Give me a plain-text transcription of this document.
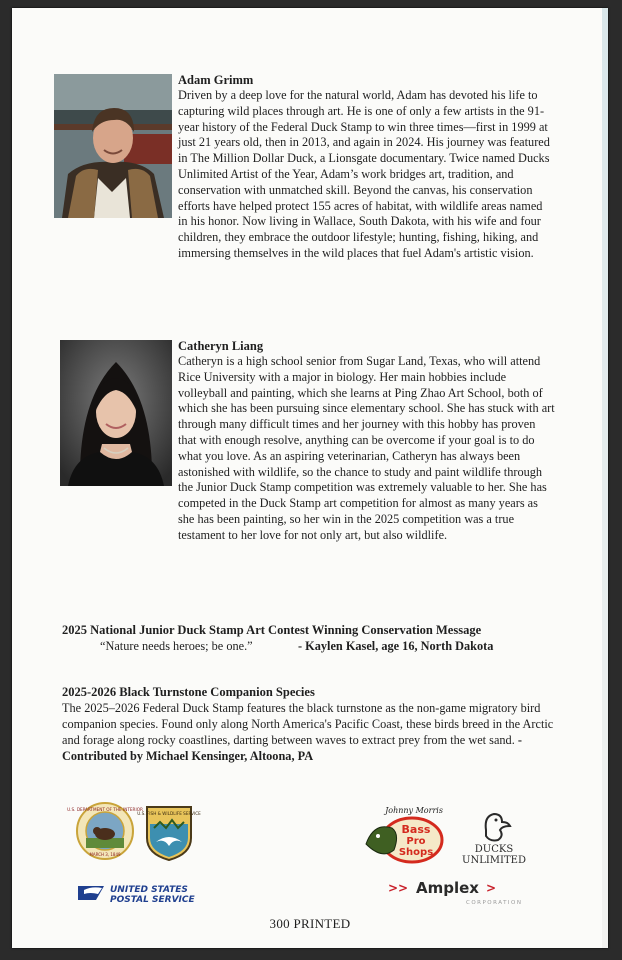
Adam Grimm

Driven by a deep love for the natural world, Adam has devoted his life to capturing wild places through art. He is one of only a few artists in the 91-year history of the Federal Duck Stamp to win three times—first in 1999 at just 21 years old, then in 2013, and again in 2024. His journey was featured in The Million Dollar Duck, a Lionsgate documentary. Twice named Ducks Unlimited Artist of the Year, Adam’s work bridges art, tradition, and conservation with unmatched skill. Beyond the canvas, his conservation efforts have helped protect 155 acres of habitat, with wildlife areas named in his honor. Now living in Wallace, South Dakota, with his wife and four children, they embrace the outdoor lifestyle; hunting, fishing, hiking, and immersing themselves in the wild places that fuel Adam's artistic vision.

Catheryn Liang

Catheryn is a high school senior from Sugar Land, Texas, who will attend Rice University with a major in biology. Her main hobbies include volleyball and painting, which she learns at Ping Zhao Art School, both of which she has been pursuing since elementary school. She has stuck with art through many difficult times and her journey with this hobby has proven that with enough resolve, anything can be overcome if your goal is to do what you love. As an aspiring veterinarian, Catheryn has always been astonished with wildlife, so the chance to study and paint wildlife through the Junior Duck Stamp competition was extremely valuable to her. She has competed in the Duck Stamp art competition for almost as many years as she has been painting, so her win in the 2025 competition was a true testament to her love for not only art, but also wildlife.

2025 National Junior Duck Stamp Art Contest Winning Conservation Message

“Nature needs heroes; be one.”	- Kaylen Kasel, age 16, North Dakota

2025-2026 Black Turnstone Companion Species

The 2025–2026 Federal Duck Stamp features the black turnstone as the non-game migratory bird companion species. Found only along North America's Pacific Coast, these birds breed in the Arctic and forage along rocky coastlines, darting between waves to extract prey from the wet sand. - Contributed by Michael Kensinger, Altoona, PA

U.S. DEPARTMENT OF THE INTERIOR
MARCH 3, 1849
U.S. FISH & WILDLIFE SERVICE	Johnny Morris
Bass
Pro
Shops	DUCKS
UNLIMITED
UNITED STATES
POSTAL SERVICE
>> Amplex >
CORPORATION
300 PRINTED
